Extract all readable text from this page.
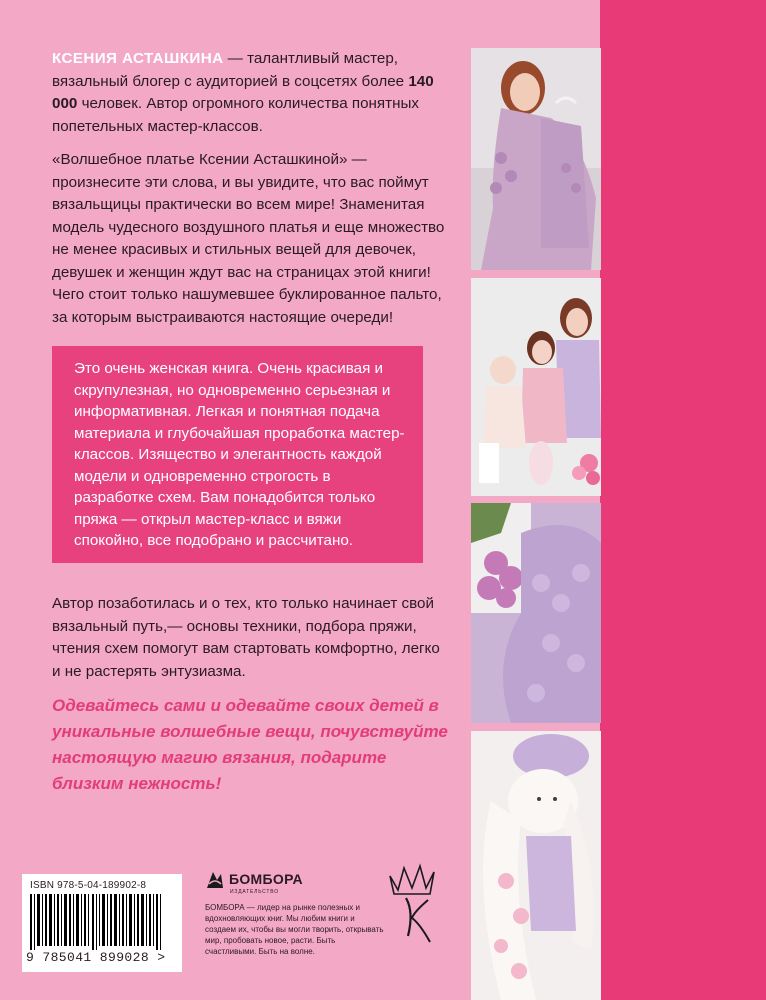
КСЕНИЯ АСТАШКИНА — талантливый мастер, вязальный блогер с аудиторией в соцсетях более 140 000 человек. Автор огромного количества понятных попетельных мастер-классов.
«Волшебное платье Ксении Асташкиной» — произнесите эти слова, и вы увидите, что вас поймут вязальщицы практически во всем мире! Знаменитая модель чудесного воздушного платья и еще множество не менее красивых и стильных вещей для девочек, девушек и женщин ждут вас на страницах этой книги! Чего стоит только нашумевшее буклированное пальто, за которым выстраиваются настоящие очереди!
Это очень женская книга. Очень красивая и скрупулезная, но одновременно серьезная и информативная. Легкая и понятная подача материала и глубочайшая проработка мастер-классов. Изящество и элегантность каждой модели и одновременно строгость в разработке схем. Вам понадобится только пряжа — открыл мастер-класс и вяжи спокойно, все подобрано и рассчитано.
Автор позаботилась и о тех, кто только начинает свой вязальный путь,— основы техники, подбора пряжи, чтения схем помогут вам стартовать комфортно, легко и не растерять энтузиазма.
Одевайтесь сами и одевайте своих детей в уникальные волшебные вещи, почувствуйте настоящую магию вязания, подарите близким нежность!
ISBN 978-5-04-189902-8
9 785041 899028 >
БОМБОРА
ИЗДАТЕЛЬСТВО
БОМБОРА — лидер на рынке полезных и вдохновляющих книг. Мы любим книги и создаем их, чтобы вы могли творить, открывать мир, пробовать новое, расти. Быть счастливыми. Быть на волне.
